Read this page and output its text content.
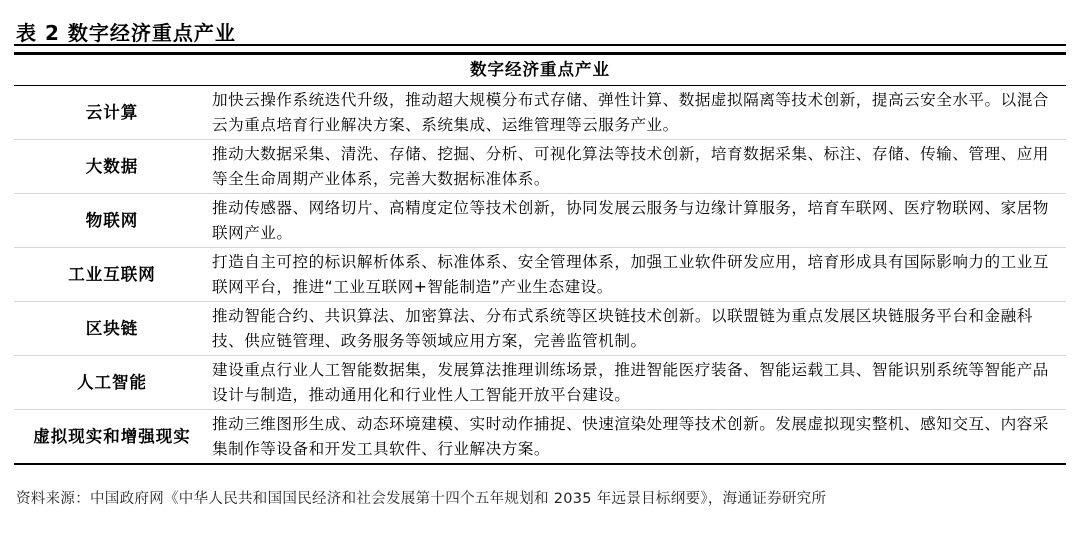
表 2 数字经济重点产业
数字经济重点产业
云计算
加快云操作系统迭代升级，推动超大规模分布式存储、弹性计算、数据虚拟隔离等技术创新，提高云安全水平。以混合云为重点培育行业解决方案、系统集成、运维管理等云服务产业。
大数据
推动大数据采集、清洗、存储、挖掘、分析、可视化算法等技术创新，培育数据采集、标注、存储、传输、管理、应用等全生命周期产业体系，完善大数据标准体系。
物联网
推动传感器、网络切片、高精度定位等技术创新，协同发展云服务与边缘计算服务，培育车联网、医疗物联网、家居物联网产业。
工业互联网
打造自主可控的标识解析体系、标准体系、安全管理体系，加强工业软件研发应用，培育形成具有国际影响力的工业互联网平台，推进“工业互联网+智能制造”产业生态建设。
区块链
推动智能合约、共识算法、加密算法、分布式系统等区块链技术创新。以联盟链为重点发展区块链服务平台和金融科技、供应链管理、政务服务等领域应用方案，完善监管机制。
人工智能
建设重点行业人工智能数据集，发展算法推理训练场景，推进智能医疗装备、智能运载工具、智能识别系统等智能产品设计与制造，推动通用化和行业性人工智能开放平台建设。
虚拟现实和增强现实
推动三维图形生成、动态环境建模、实时动作捕捉、快速渲染处理等技术创新。发展虚拟现实整机、感知交互、内容采集制作等设备和开发工具软件、行业解决方案。
资料来源：中国政府网《中华人民共和国国民经济和社会发展第十四个五年规划和 2035 年远景目标纲要》，海通证券研究所
